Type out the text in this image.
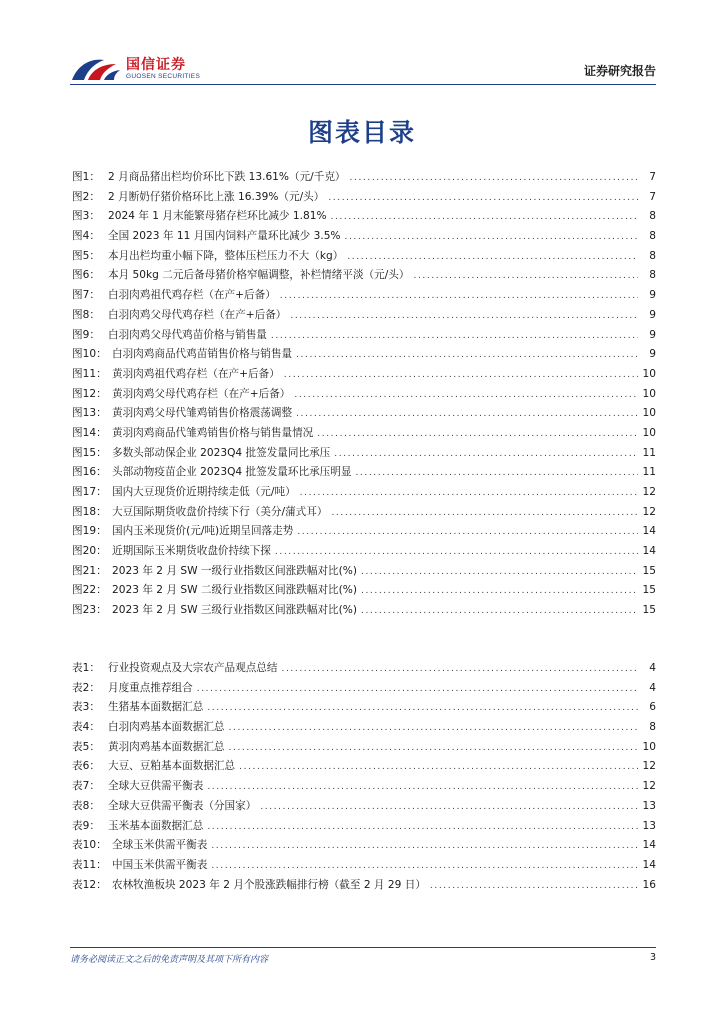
国信证券
GUOSEN SECURITIES	证券研究报告
图表目录
图1： 2 月商品猪出栏均价环比下跌 13.61%（元/千克） .....	7
图2： 2 月断奶仔猪价格环比上涨 16.39%（元/头） .....	7
图3： 2024 年 1 月末能繁母猪存栏环比减少 1.81% .....	8
图4： 全国 2023 年 11 月国内饲料产量环比减少 3.5% .....	8
图5： 本月出栏均重小幅下降，整体压栏压力不大（kg） .....	8
图6： 本月 50kg 二元后备母猪价格窄幅调整，补栏情绪平淡（元/头） .....	8
图7： 白羽肉鸡祖代鸡存栏（在产+后备） .....	9
图8： 白羽肉鸡父母代鸡存栏（在产+后备） .....	9
图9： 白羽肉鸡父母代鸡苗价格与销售量 .....	9
图10： 白羽肉鸡商品代鸡苗销售价格与销售量 .....	9
图11： 黄羽肉鸡祖代鸡存栏（在产+后备） .....	10
图12： 黄羽肉鸡父母代鸡存栏（在产+后备） .....	10
图13： 黄羽肉鸡父母代雏鸡销售价格震荡调整 .....	10
图14： 黄羽肉鸡商品代雏鸡销售价格与销售量情况 .....	10
图15： 多数头部动保企业 2023Q4 批签发量同比承压 .....	11
图16： 头部动物疫苗企业 2023Q4 批签发量环比承压明显 .....	11
图17： 国内大豆现货价近期持续走低（元/吨） .....	12
图18： 大豆国际期货收盘价持续下行（美分/蒲式耳） .....	12
图19： 国内玉米现货价(元/吨)近期呈回落走势 .....	14
图20： 近期国际玉米期货收盘价持续下探 .....	14
图21： 2023 年 2 月 SW 一级行业指数区间涨跌幅对比(%) .....	15
图22： 2023 年 2 月 SW 二级行业指数区间涨跌幅对比(%) .....	15
图23： 2023 年 2 月 SW 三级行业指数区间涨跌幅对比(%) .....	15
表1： 行业投资观点及大宗农产品观点总结 .....	4
表2： 月度重点推荐组合 .....	4
表3： 生猪基本面数据汇总 .....	6
表4： 白羽肉鸡基本面数据汇总 .....	8
表5： 黄羽肉鸡基本面数据汇总 .....	10
表6： 大豆、豆粕基本面数据汇总 .....	12
表7： 全球大豆供需平衡表 .....	12
表8： 全球大豆供需平衡表（分国家） .....	13
表9： 玉米基本面数据汇总 .....	13
表10： 全球玉米供需平衡表 .....	14
表11： 中国玉米供需平衡表 .....	14
表12： 农林牧渔板块 2023 年 2 月个股涨跌幅排行榜（截至 2 月 29 日） .....	16
请务必阅读正文之后的免责声明及其项下所有内容	3
